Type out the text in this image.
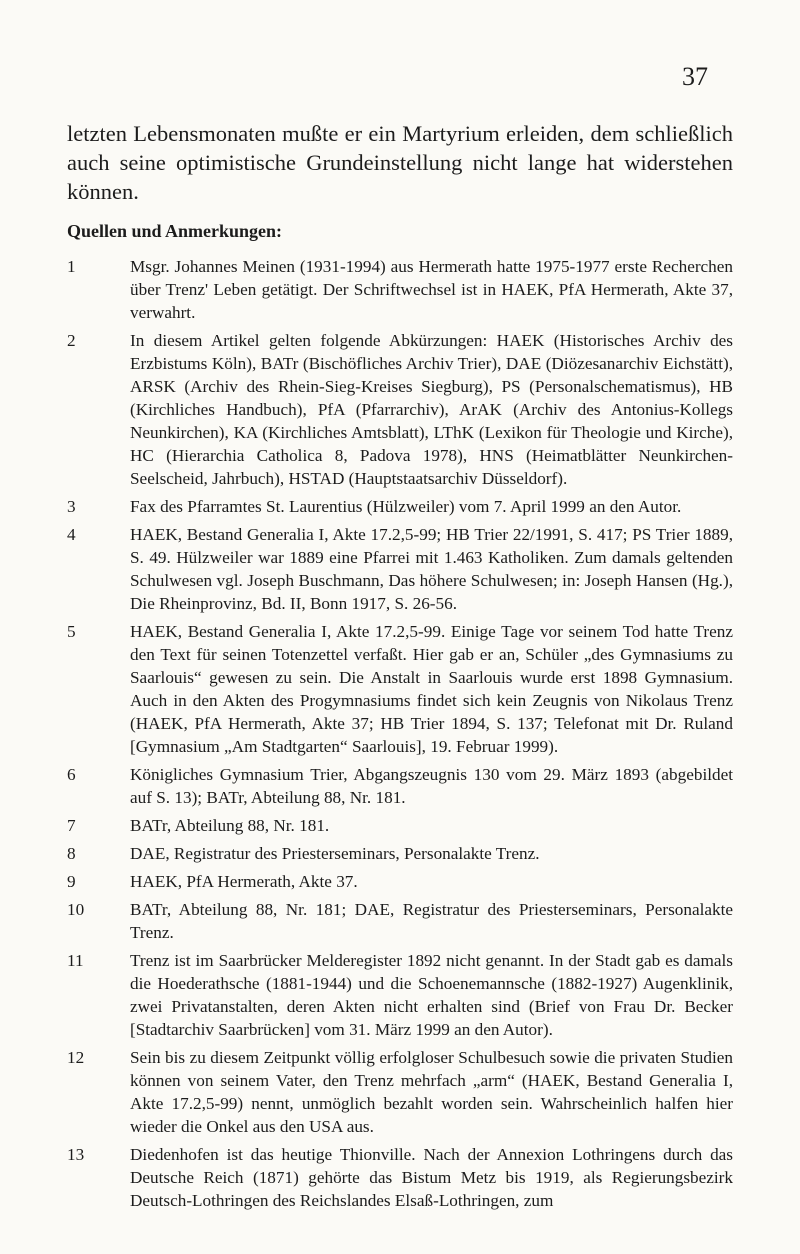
37

letzten Lebensmonaten mußte er ein Martyrium erleiden, dem schließlich auch seine optimistische Grundeinstellung nicht lange hat widerstehen können.

Quellen und Anmerkungen:
1	Msgr. Johannes Meinen (1931-1994) aus Hermerath hatte 1975-1977 erste Recherchen über Trenz' Leben getätigt. Der Schriftwechsel ist in HAEK, PfA Hermerath, Akte 37, verwahrt.
2	In diesem Artikel gelten folgende Abkürzungen: HAEK (Historisches Archiv des Erzbistums Köln), BATr (Bischöfliches Archiv Trier), DAE (Diözesanarchiv Eichstätt), ARSK (Archiv des Rhein-Sieg-Kreises Siegburg), PS (Personalschematismus), HB (Kirchliches Handbuch), PfA (Pfarrarchiv), ArAK (Archiv des Antonius-Kollegs Neunkirchen), KA (Kirchliches Amtsblatt), LThK (Lexikon für Theologie und Kirche), HC (Hierarchia Catholica 8, Padova 1978), HNS (Heimatblätter Neunkirchen-Seelscheid, Jahrbuch), HSTAD (Hauptstaatsarchiv Düsseldorf).
3	Fax des Pfarramtes St. Laurentius (Hülzweiler) vom 7. April 1999 an den Autor.
4	HAEK, Bestand Generalia I, Akte 17.2,5-99; HB Trier 22/1991, S. 417; PS Trier 1889, S. 49. Hülzweiler war 1889 eine Pfarrei mit 1.463 Katholiken. Zum damals geltenden Schulwesen vgl. Joseph Buschmann, Das höhere Schulwesen; in: Joseph Hansen (Hg.), Die Rheinprovinz, Bd. II, Bonn 1917, S. 26-56.
5	HAEK, Bestand Generalia I, Akte 17.2,5-99. Einige Tage vor seinem Tod hatte Trenz den Text für seinen Totenzettel verfaßt. Hier gab er an, Schüler „des Gymnasiums zu Saarlouis“ gewesen zu sein. Die Anstalt in Saarlouis wurde erst 1898 Gymnasium. Auch in den Akten des Progymnasiums findet sich kein Zeugnis von Nikolaus Trenz (HAEK, PfA Hermerath, Akte 37; HB Trier 1894, S. 137; Telefonat mit Dr. Ruland [Gymnasium „Am Stadtgarten“ Saarlouis], 19. Februar 1999).
6	Königliches Gymnasium Trier, Abgangszeugnis 130 vom 29. März 1893 (abgebildet auf S. 13); BATr, Abteilung 88, Nr. 181.
7	BATr, Abteilung 88, Nr. 181.
8	DAE, Registratur des Priesterseminars, Personalakte Trenz.
9	HAEK, PfA Hermerath, Akte 37.
10	BATr, Abteilung 88, Nr. 181; DAE, Registratur des Priesterseminars, Personalakte Trenz.
11	Trenz ist im Saarbrücker Melderegister 1892 nicht genannt. In der Stadt gab es damals die Hoederathsche (1881-1944) und die Schoenemannsche (1882-1927) Augenklinik, zwei Privatanstalten, deren Akten nicht erhalten sind (Brief von Frau Dr. Becker [Stadtarchiv Saarbrücken] vom 31. März 1999 an den Autor).
12	Sein bis zu diesem Zeitpunkt völlig erfolgloser Schulbesuch sowie die privaten Studien können von seinem Vater, den Trenz mehrfach „arm“ (HAEK, Bestand Generalia I, Akte 17.2,5-99) nennt, unmöglich bezahlt worden sein. Wahrscheinlich halfen hier wieder die Onkel aus den USA aus.
13	Diedenhofen ist das heutige Thionville. Nach der Annexion Lothringens durch das Deutsche Reich (1871) gehörte das Bistum Metz bis 1919, als Regierungsbezirk Deutsch-Lothringen des Reichslandes Elsaß-Lothringen, zum
